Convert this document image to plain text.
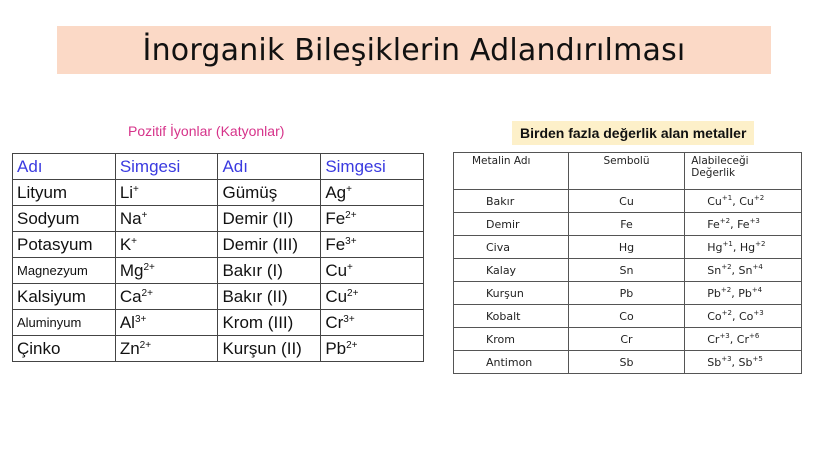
İnorganik Bileşiklerin Adlandırılması
Pozitif İyonlar (Katyonlar)	Birden fazla değerlik alan metaller
Adı	Simgesi	Adı	Simgesi
Lityum	Li+	Gümüş	Ag+
Sodyum	Na+	Demir (II)	$Fe^{2+}$
Potasyum	K+	Demir (III)	$Fe^{3+}$
Magnezyum	$Mg^{2+}$	Bakır (I)	Cu+
Kalsiyum	$Ca^{2+}$	Bakır (II)	$Cu^{2+}$
Aluminyum	$Al^{3+}$	Krom (III)	$Cr^{3+}$
Çinko	$Zn^{2+}$	Kurşun (II)	$Pb^{2+}$
Metalin Adı	Sembolü	Alabileceği
Değerlik
Bakır	Cu	$Cu^{+1}$, $Cu^{+2}$
Demir	Fe	$Fe^{+2}$, $Fe^{+3}$
Civa	Hg	$Hg^{+1}$, $Hg^{+2}$
Kalay	Sn	$Sn^{+2}$, $Sn^{+4}$
Kurşun	Pb	$Pb^{+2}$, $Pb^{+4}$
Kobalt	Co	$Co^{+2}$, $Co^{+3}$
Krom	Cr	$Cr^{+3}$, $Cr^{+6}$
Antimon	Sb	$Sb^{+3}$, $Sb^{+5}$
